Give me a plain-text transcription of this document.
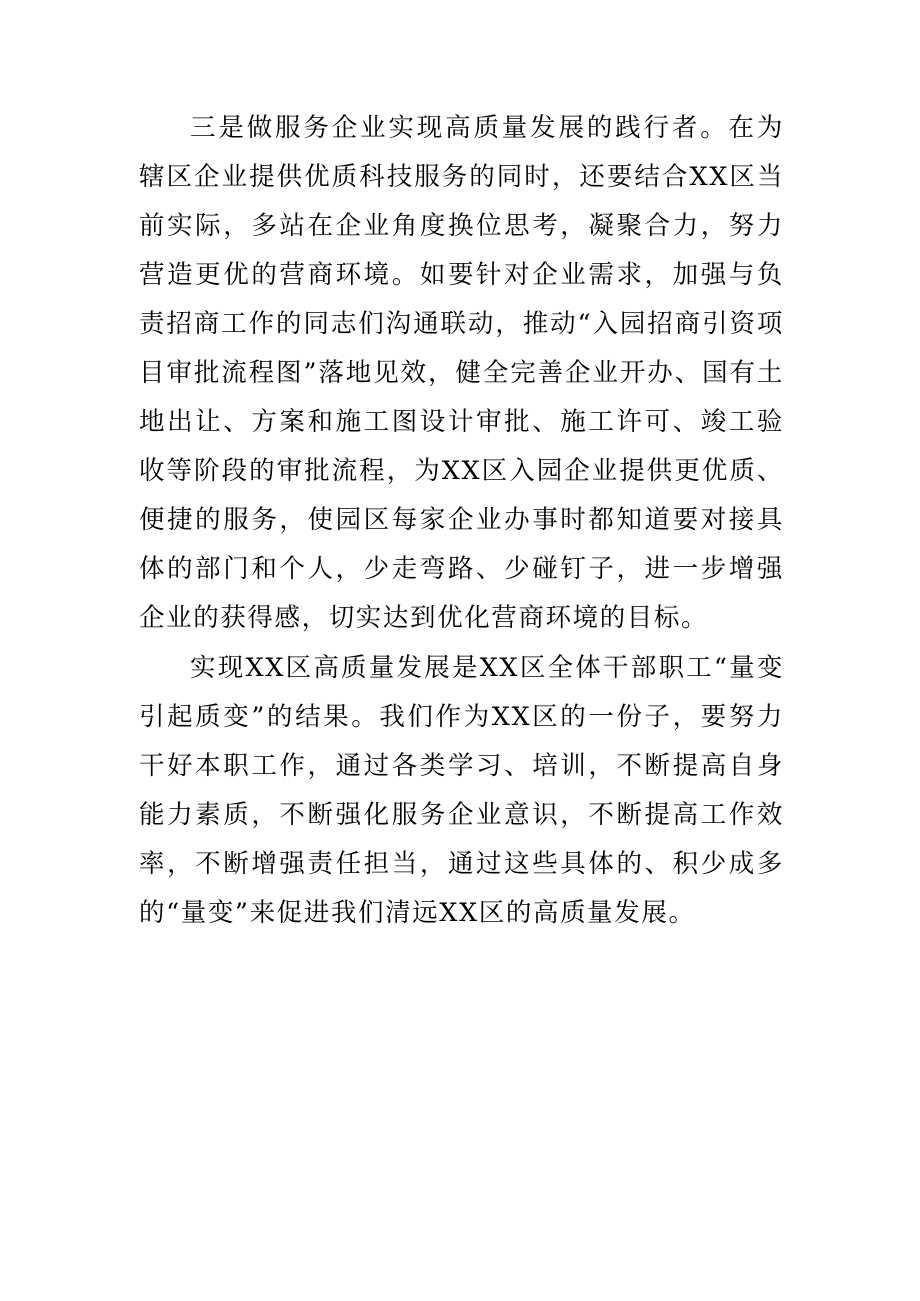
三是做服务企业实现高质量发展的践行者。在为辖区企业提供优质科技服务的同时，还要结合XX区当前实际，多站在企业角度换位思考，凝聚合力，努力营造更优的营商环境。如要针对企业需求，加强与负责招商工作的同志们沟通联动，推动“入园招商引资项目审批流程图”落地见效，健全完善企业开办、国有土地出让、方案和施工图设计审批、施工许可、竣工验收等阶段的审批流程，为XX区入园企业提供更优质、便捷的服务，使园区每家企业办事时都知道要对接具体的部门和个人，少走弯路、少碰钉子，进一步增强企业的获得感，切实达到优化营商环境的目标。

实现XX区高质量发展是XX区全体干部职工“量变引起质变”的结果。我们作为XX区的一份子，要努力干好本职工作，通过各类学习、培训，不断提高自身能力素质，不断强化服务企业意识，不断提高工作效率，不断增强责任担当，通过这些具体的、积少成多的“量变”来促进我们清远XX区的高质量发展。
